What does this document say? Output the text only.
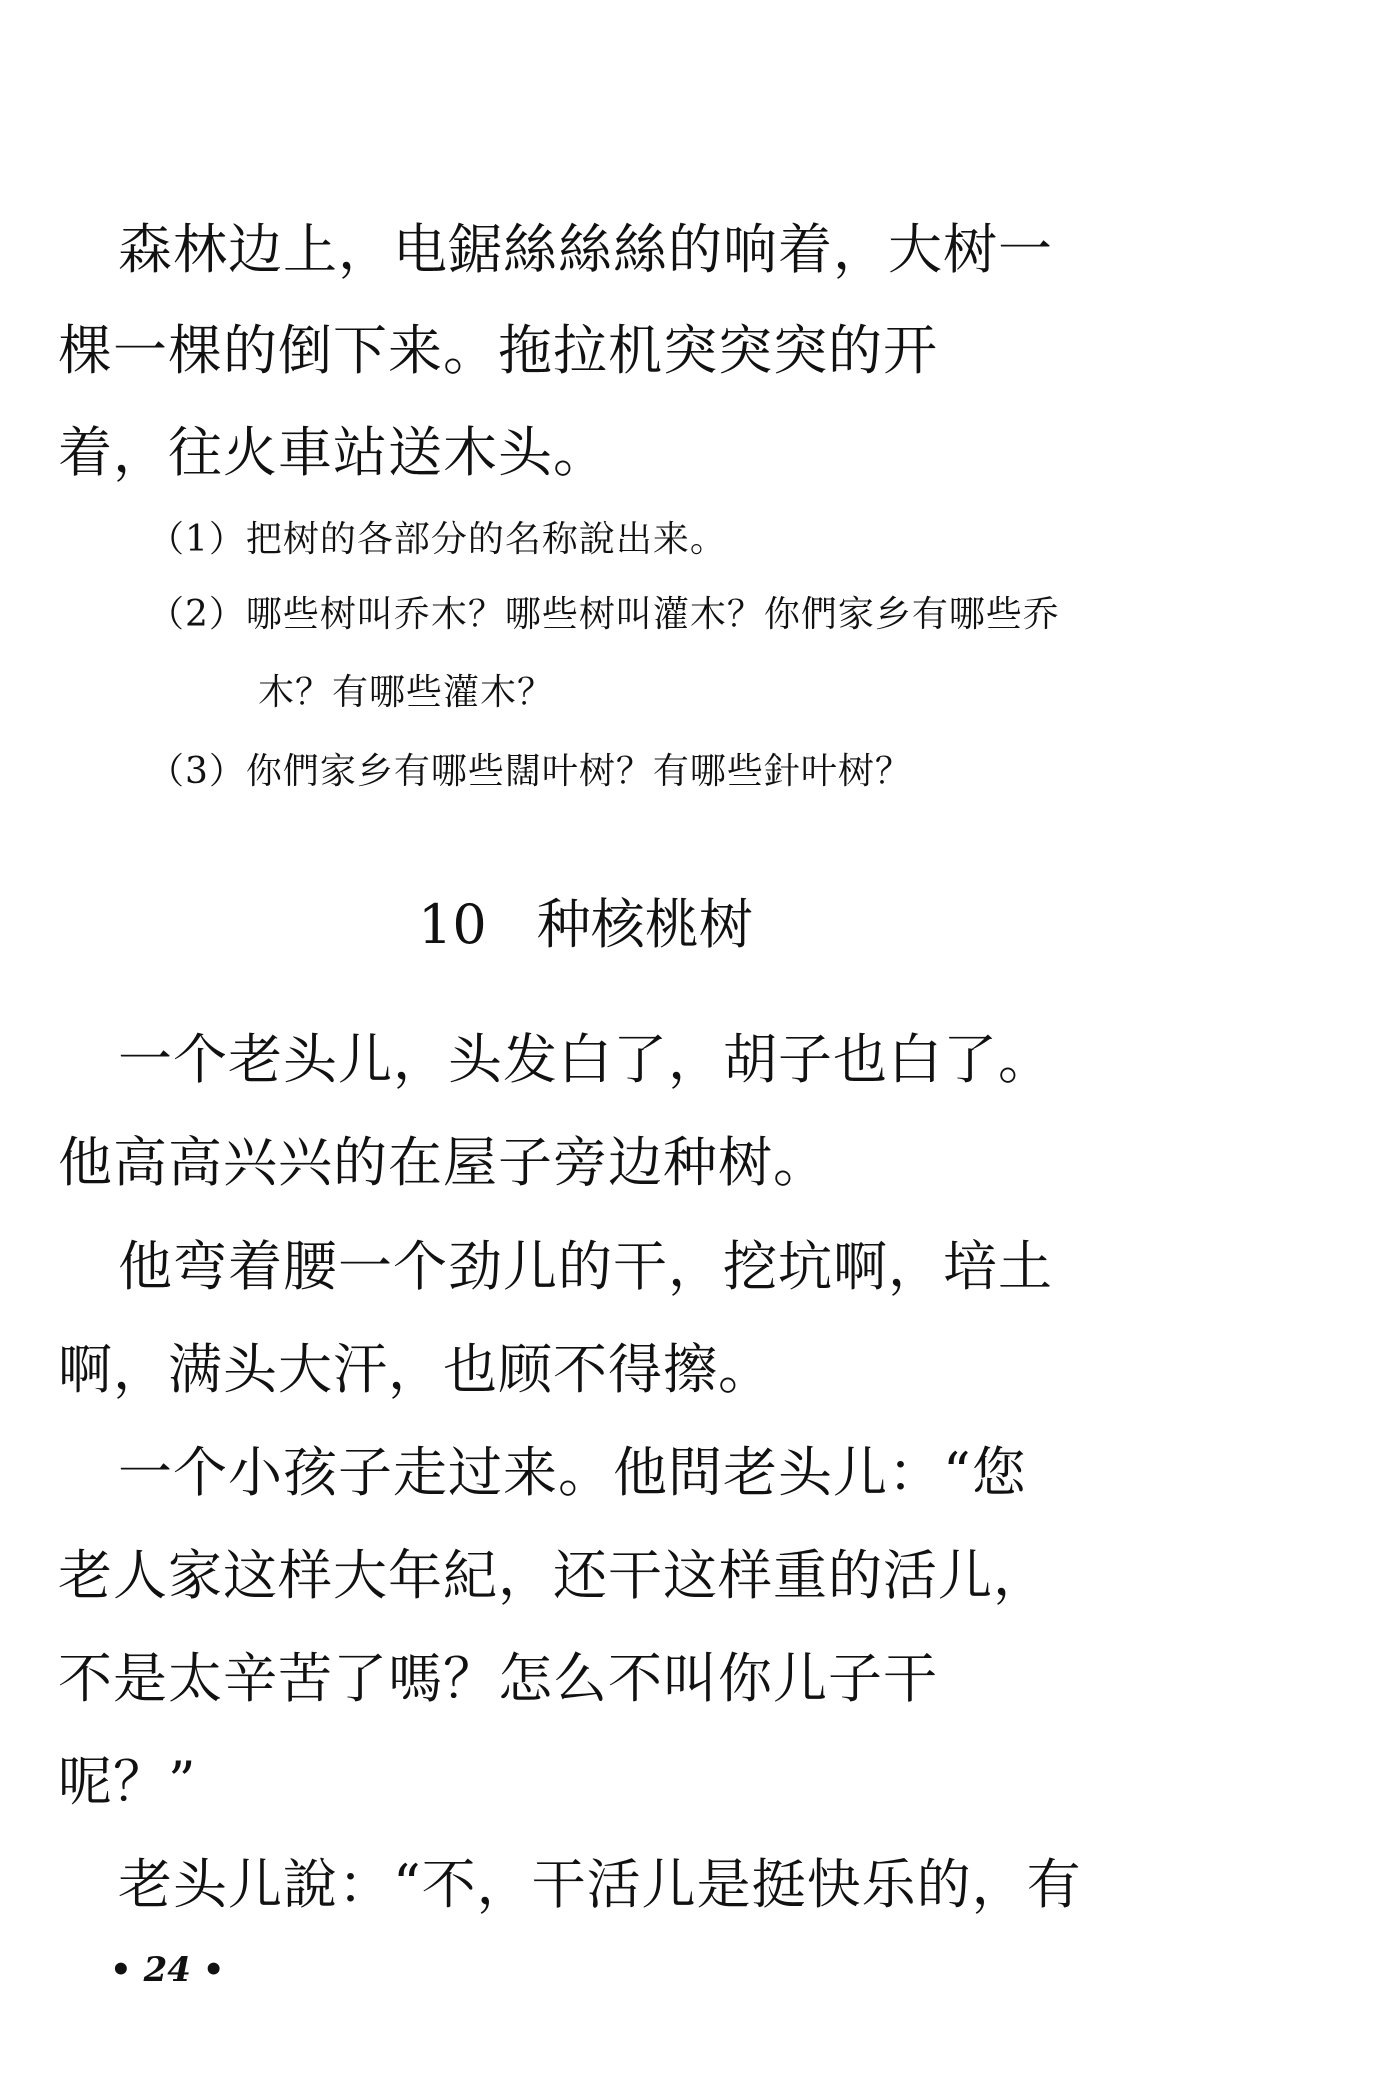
森林边上，电鋸絲絲絲的响着，大树一
棵一棵的倒下来。拖拉机突突突的开
着，往火車站送木头。
（1）把树的各部分的名称說出来。
（2）哪些树叫乔木？哪些树叫灌木？你們家乡有哪些乔
木？有哪些灌木？
（3）你們家乡有哪些闊叶树？有哪些針叶树？
10 种核桃树
一个老头儿，头发白了，胡子也白了。
他高高兴兴的在屋子旁边种树。
他弯着腰一个劲儿的干，挖坑啊，培土
啊，满头大汗，也顾不得擦。
一个小孩子走过来。他問老头儿：“您
老人家这样大年紀，还干这样重的活儿，
不是太辛苦了嗎？怎么不叫你儿子干
呢？”
老头儿說：“不，干活儿是挺快乐的，有
• 24 •
